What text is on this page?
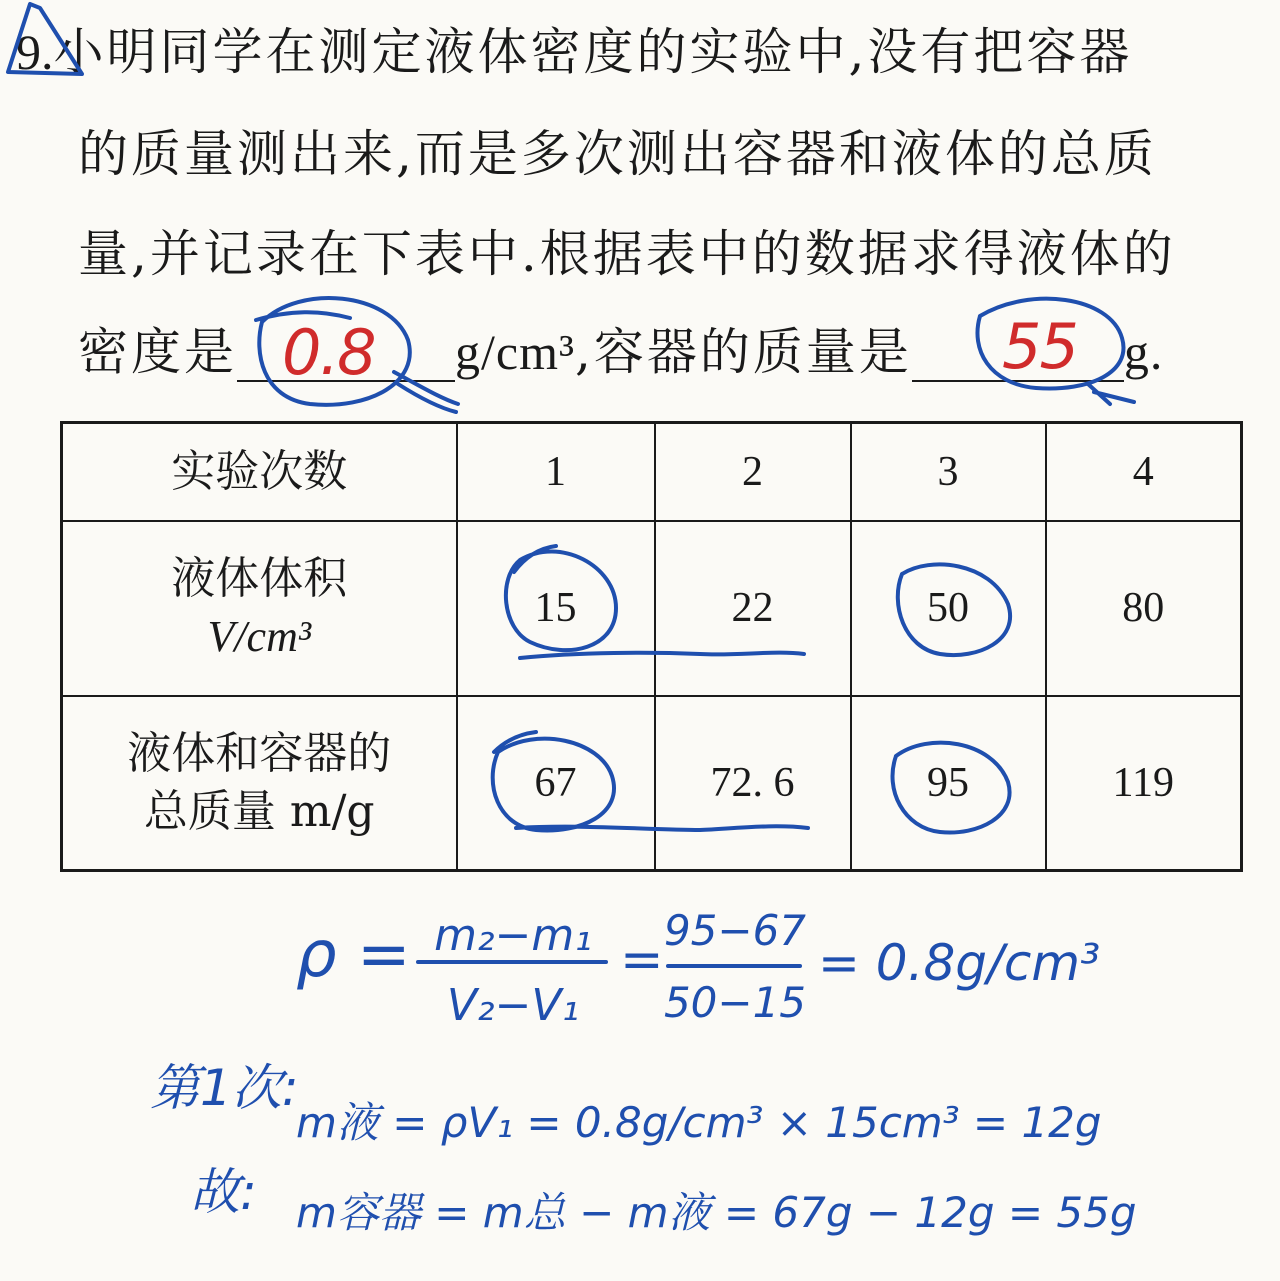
9.小明同学在测定液体密度的实验中,没有把容器
的质量测出来,而是多次测出容器和液体的总质
量,并记录在下表中.根据表中的数据求得液体的
密度是	g/cm³,容器的质量是	g.
0.8	55
实验次数	1	2	3	4

液体体积
V/cm³	15	22	50	80

液体和容器的
总质量 m/g	67	72. 6	95	119
ρ = m₂−m₁
V₂−V₁
= 95−67
50−15
= 0.8g/cm³
第1次:
m液 = ρV₁ = 0.8g/cm³ × 15cm³ = 12g
故: m容器 = m总 − m液 = 67g − 12g = 55g
